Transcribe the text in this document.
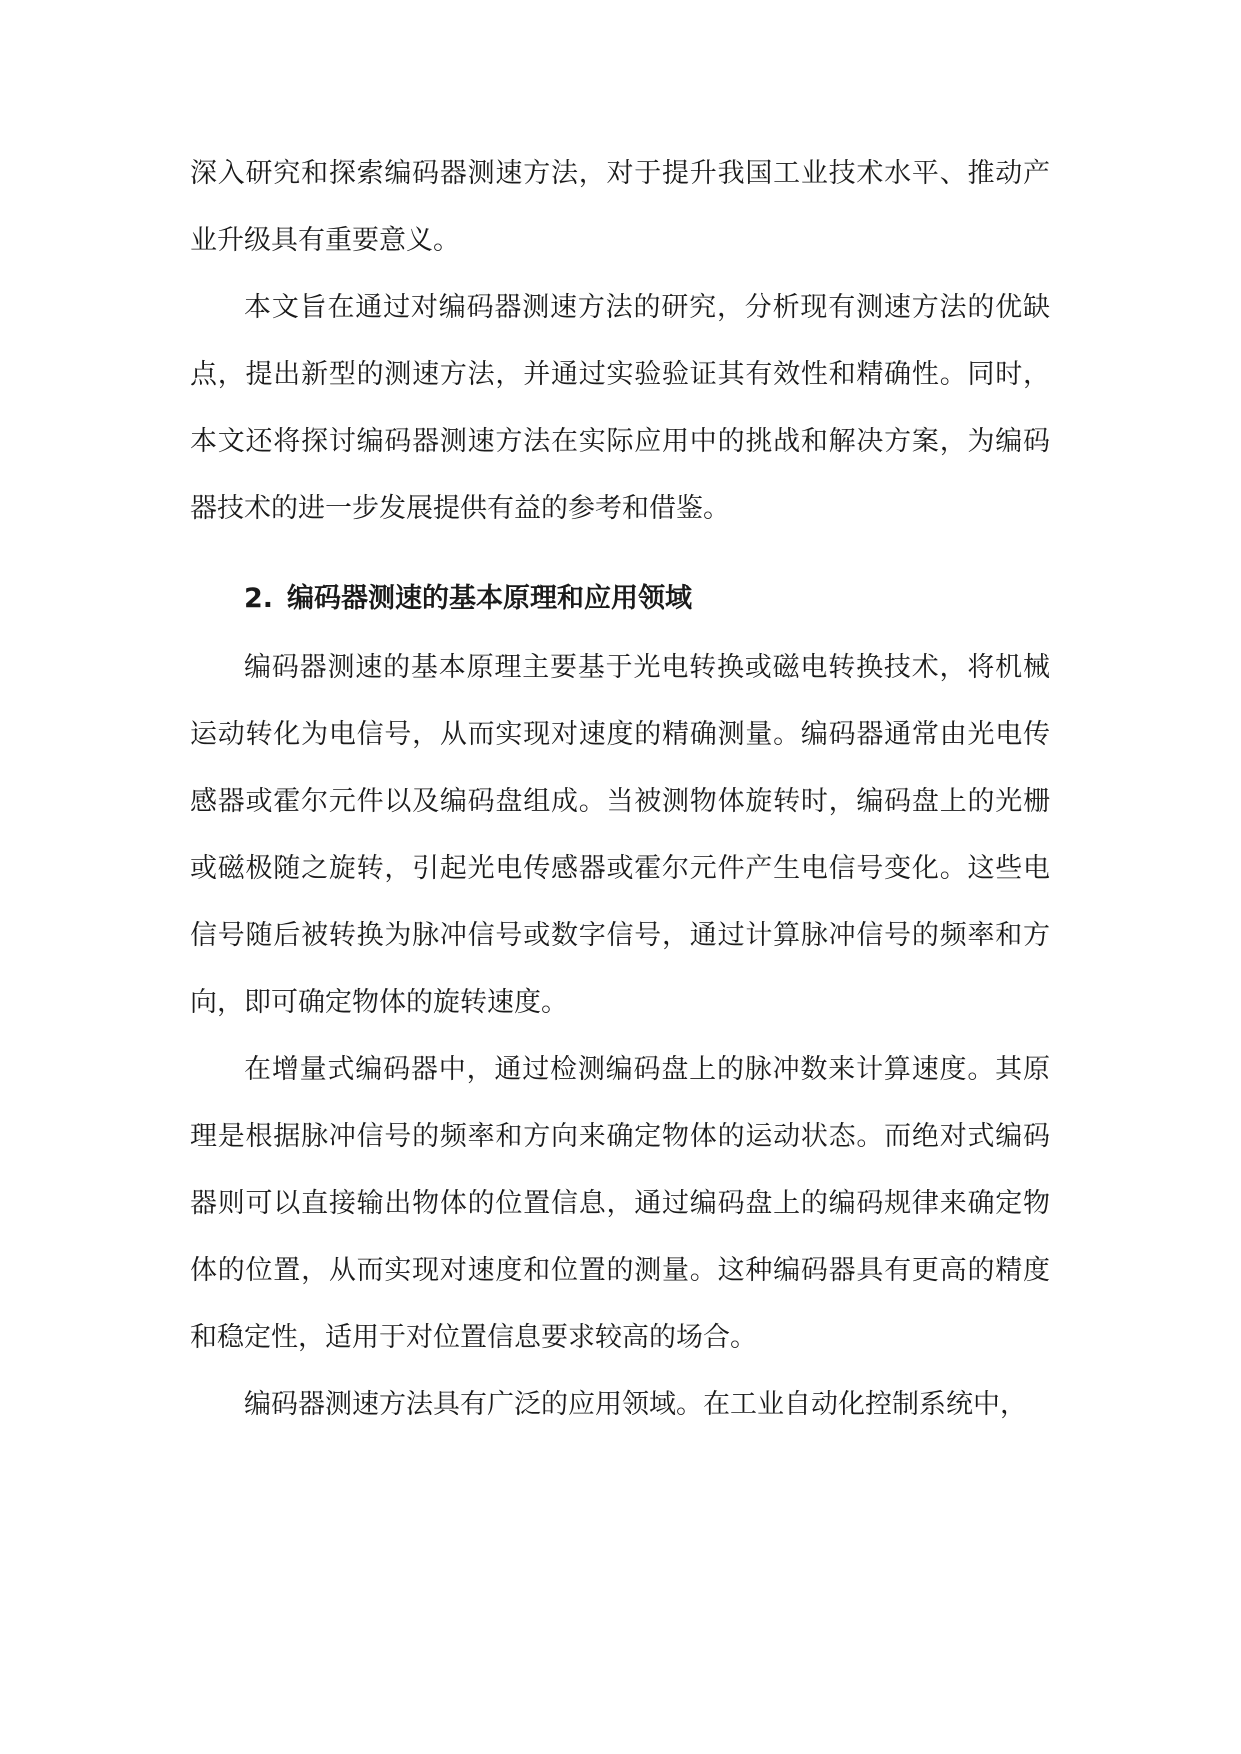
深入研究和探索编码器测速方法，对于提升我国工业技术水平、推动产业升级具有重要意义。

本文旨在通过对编码器测速方法的研究，分析现有测速方法的优缺点，提出新型的测速方法，并通过实验验证其有效性和精确性。同时，本文还将探讨编码器测速方法在实际应用中的挑战和解决方案，为编码器技术的进一步发展提供有益的参考和借鉴。

2. 编码器测速的基本原理和应用领域

编码器测速的基本原理主要基于光电转换或磁电转换技术，将机械运动转化为电信号，从而实现对速度的精确测量。编码器通常由光电传感器或霍尔元件以及编码盘组成。当被测物体旋转时，编码盘上的光栅或磁极随之旋转，引起光电传感器或霍尔元件产生电信号变化。这些电信号随后被转换为脉冲信号或数字信号，通过计算脉冲信号的频率和方向，即可确定物体的旋转速度。

在增量式编码器中，通过检测编码盘上的脉冲数来计算速度。其原理是根据脉冲信号的频率和方向来确定物体的运动状态。而绝对式编码器则可以直接输出物体的位置信息，通过编码盘上的编码规律来确定物体的位置，从而实现对速度和位置的测量。这种编码器具有更高的精度和稳定性，适用于对位置信息要求较高的场合。

编码器测速方法具有广泛的应用领域。在工业自动化控制系统中，
